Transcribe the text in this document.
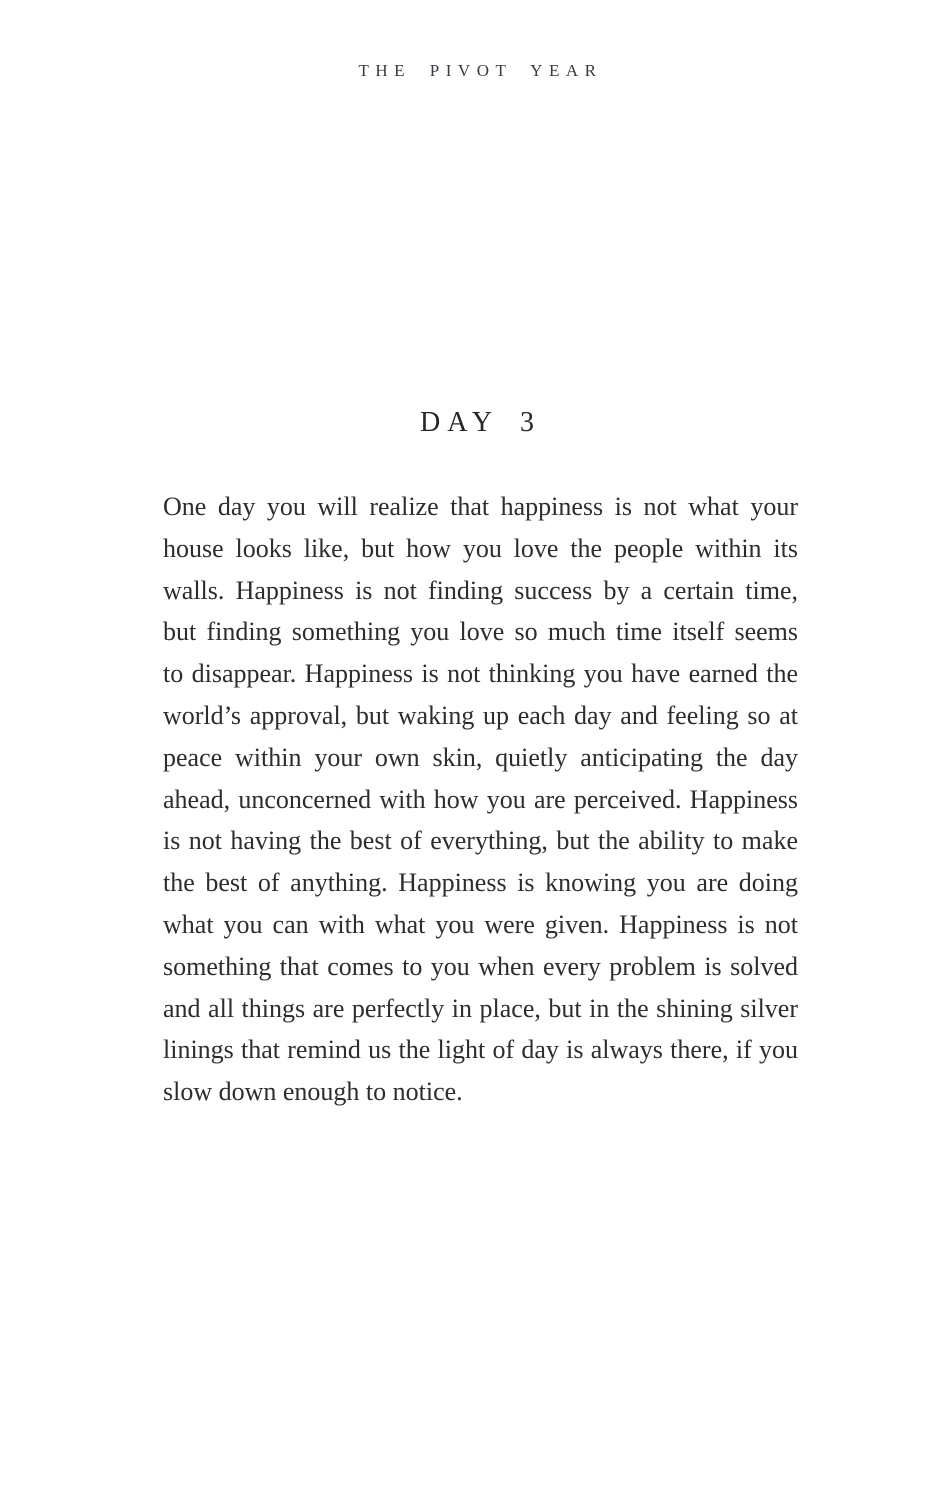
THE PIVOT YEAR
DAY 3
One day you will realize that happiness is not what your
house looks like, but how you love the people within its
walls. Happiness is not finding success by a certain time,
but finding something you love so much time itself seems
to disappear. Happiness is not thinking you have earned the
world’s approval, but waking up each day and feeling so at
peace within your own skin, quietly anticipating the day
ahead, unconcerned with how you are perceived. Happiness
is not having the best of everything, but the ability to make
the best of anything. Happiness is knowing you are doing
what you can with what you were given. Happiness is not
something that comes to you when every problem is solved
and all things are perfectly in place, but in the shining silver
linings that remind us the light of day is always there, if you
slow down enough to notice.
